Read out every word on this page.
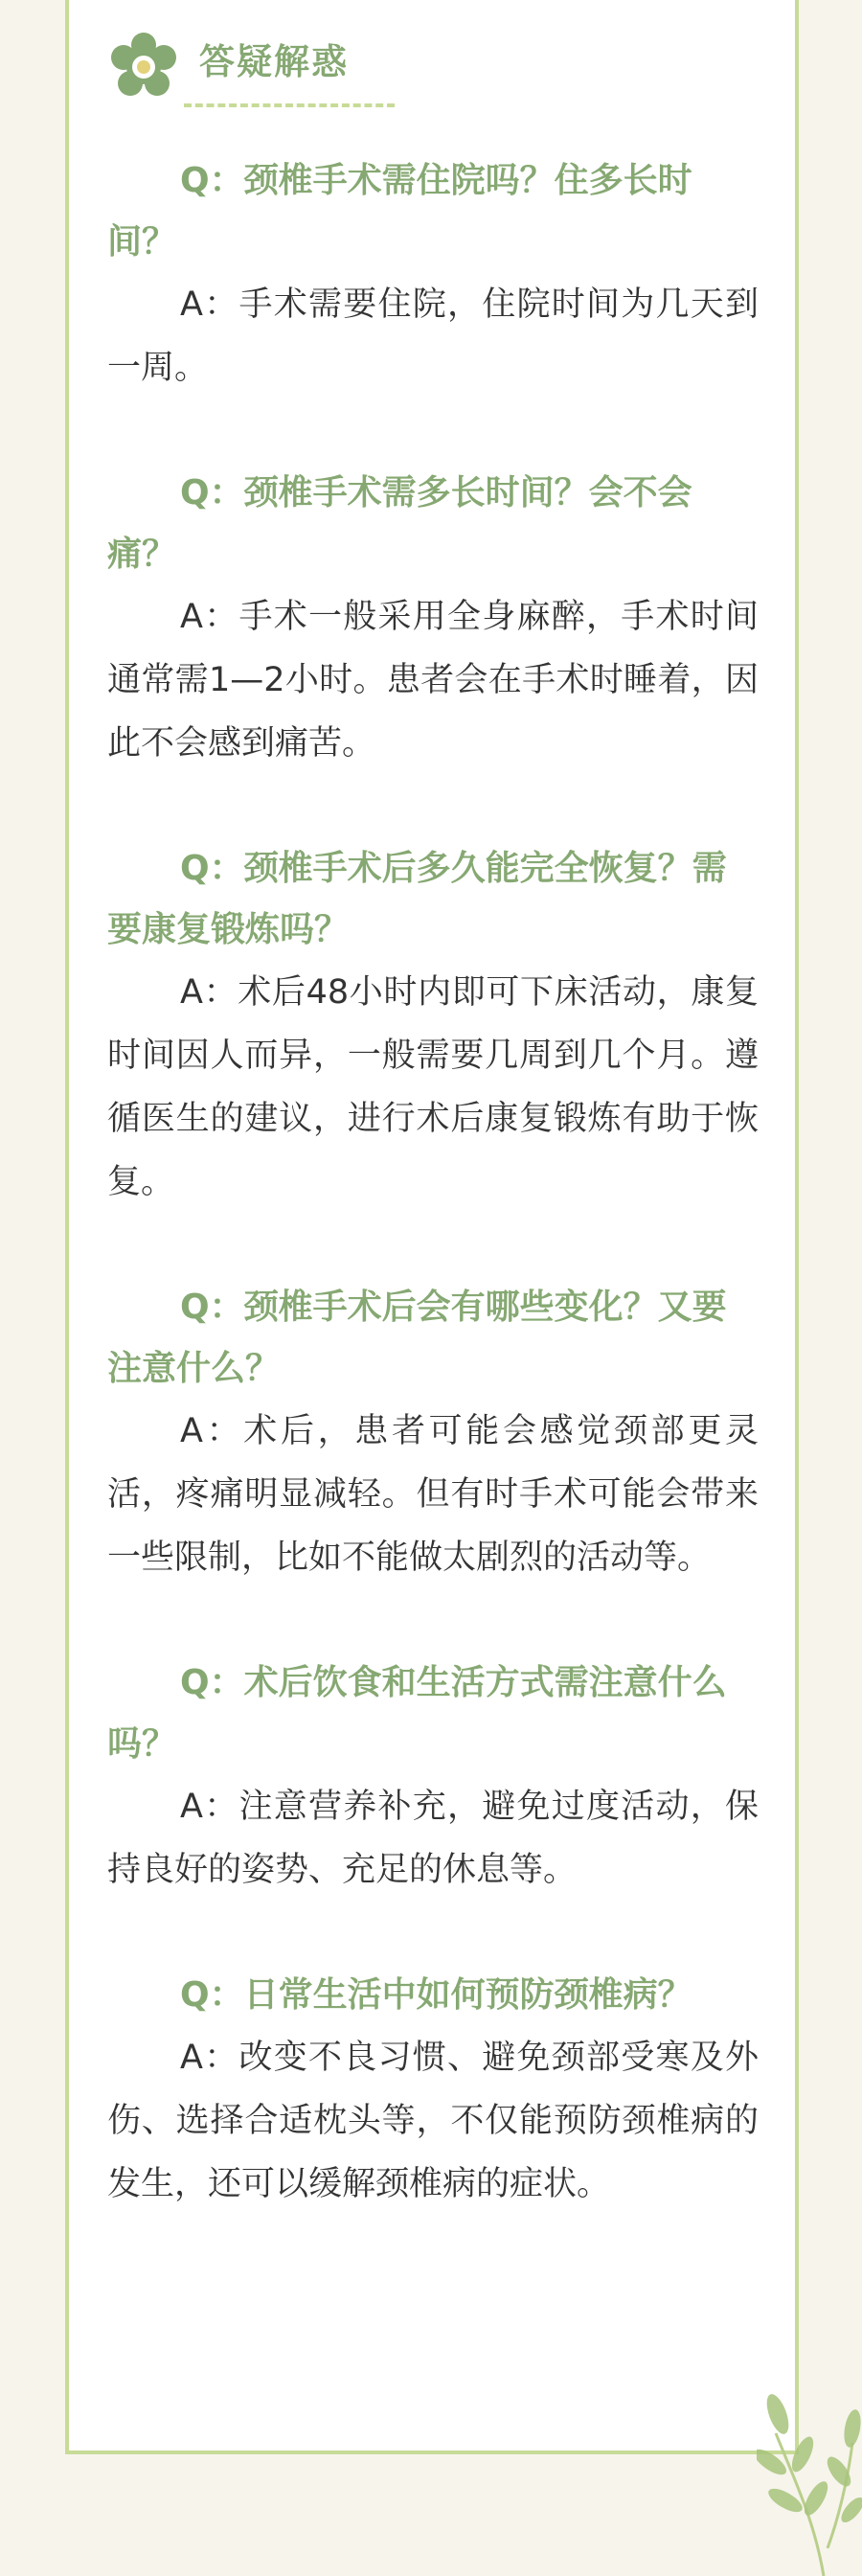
答疑解惑

Q：颈椎手术需住院吗？住多长时间？

A：手术需要住院，住院时间为几天到一周。

Q：颈椎手术需多长时间？会不会痛？

A：手术一般采用全身麻醉，手术时间通常需1—2小时。患者会在手术时睡着，因此不会感到痛苦。

Q：颈椎手术后多久能完全恢复？需要康复锻炼吗？

A：术后48小时内即可下床活动，康复时间因人而异，一般需要几周到几个月。遵循医生的建议，进行术后康复锻炼有助于恢复。

Q：颈椎手术后会有哪些变化？又要注意什么？

A：术后，患者可能会感觉颈部更灵活，疼痛明显减轻。但有时手术可能会带来一些限制，比如不能做太剧烈的活动等。

Q：术后饮食和生活方式需注意什么吗？

A：注意营养补充，避免过度活动，保持良好的姿势、充足的休息等。

Q：日常生活中如何预防颈椎病？

A：改变不良习惯、避免颈部受寒及外伤、选择合适枕头等，不仅能预防颈椎病的发生，还可以缓解颈椎病的症状。
